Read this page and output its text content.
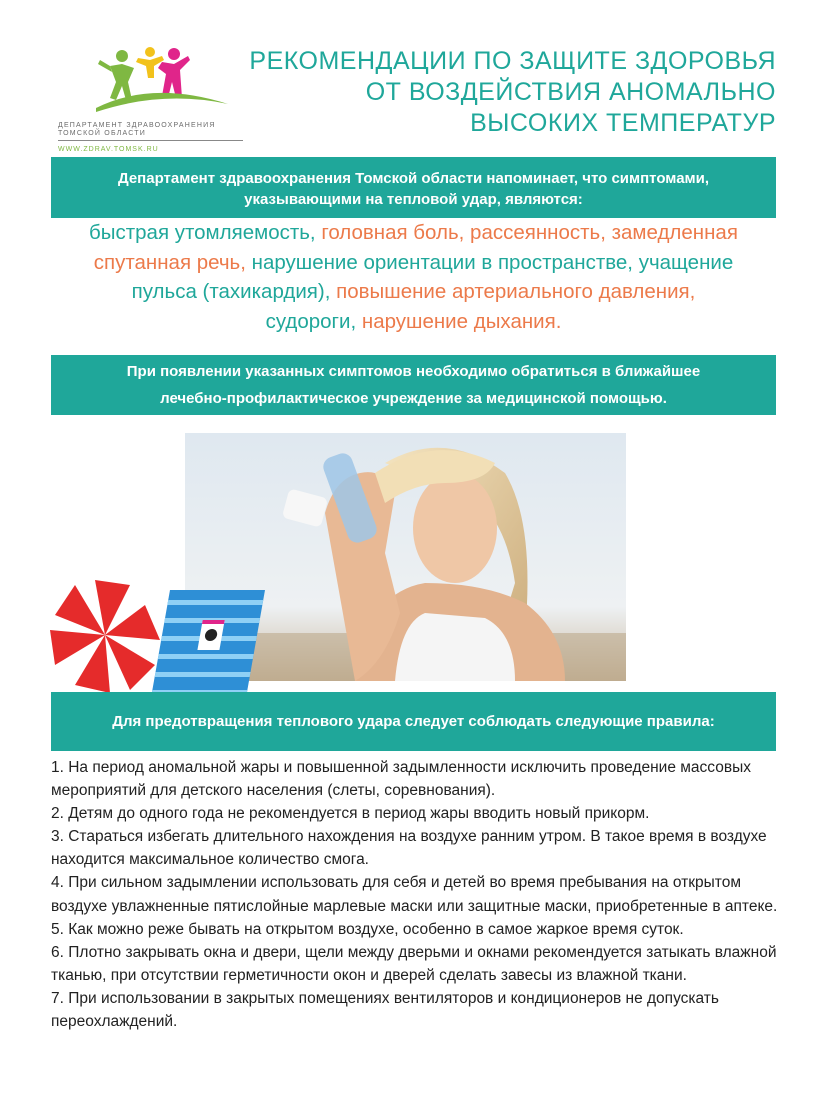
ДЕПАРТАМЕНТ ЗДРАВООХРАНЕНИЯ
ТОМСКОЙ ОБЛАСТИ
WWW.ZDRAV.TOMSK.RU
РЕКОМЕНДАЦИИ ПО ЗАЩИТЕ ЗДОРОВЬЯ
ОТ ВОЗДЕЙСТВИЯ АНОМАЛЬНО
ВЫСОКИХ ТЕМПЕРАТУР
Департамент здравоохранения Томской области напоминает, что симптомами,
указывающими на тепловой удар, являются:
быстрая утомляемость, головная боль, рассеянность, замедленная
спутанная речь, нарушение ориентации в пространстве, учащение
пульса (тахикардия), повышение артериального давления,
судороги, нарушение дыхания.
При появлении указанных симптомов необходимо обратиться в ближайшее
лечебно-профилактическое учреждение за медицинской помощью.
Для предотвращения теплового удара следует соблюдать следующие правила:

1. На период аномальной жары и повышенной задымленности исключить проведение массовых мероприятий для детского населения (слеты, соревнования).

2. Детям до одного года не рекомендуется в период жары вводить новый прикорм.

3. Стараться избегать длительного нахождения на воздухе ранним утром. В такое время в воздухе находится максимальное количество смога.

4. При сильном задымлении использовать для себя и детей во время пребывания на открытом воздухе увлажненные пятислойные марлевые маски или защитные маски, приобретенные в аптеке.

5. Как можно реже бывать на открытом воздухе, особенно в самое жаркое время суток.

6. Плотно закрывать окна и двери, щели между дверьми и окнами рекомендуется затыкать влажной тканью, при отсутствии герметичности окон и дверей сделать завесы из влажной ткани.

7. При использовании в закрытых помещениях вентиляторов и кондиционеров не допускать переохлаждений.
